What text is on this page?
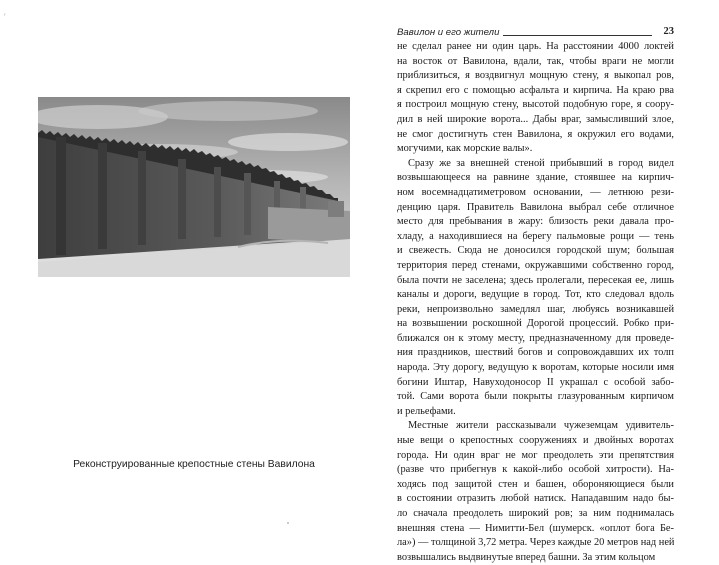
'
Реконструированные крепостные стены Вавилона
Вавилон и его жители	23
не сделал ранее ни один царь. На расстоянии 4000 локтей
на восток от Вавилона, вдали, так, чтобы враги не могли
приблизиться, я воздвигнул мощную стену, я выкопал ров,
я скрепил его с помощью асфальта и кирпича. На краю рва
я построил мощную стену, высотой подобную горе, я соору-
дил в ней широкие ворота... Дабы враг, замысливший злое,
не смог достигнуть стен Вавилона, я окружил его водами,
могучими, как морские валы».
Сразу же за внешней стеной прибывший в город видел
возвышающееся на равнине здание, стоявшее на кирпич-
ном восемнадцатиметровом основании, — летнюю рези-
денцию царя. Правитель Вавилона выбрал себе отличное
место для пребывания в жару: близость реки давала про-
хладу, а находившиеся на берегу пальмовые рощи — тень
и свежесть. Сюда не доносился городской шум; большая
территория перед стенами, окружавшими собственно город,
была почти не заселена; здесь пролегали, пересекая ее, лишь
каналы и дороги, ведущие в город. Тот, кто следовал вдоль
реки, непроизвольно замедлял шаг, любуясь возникавшей
на возвышении роскошной Дорогой процессий. Робко при-
ближался он к этому месту, предназначенному для проведе-
ния праздников, шествий богов и сопровождавших их толп
народа. Эту дорогу, ведущую к воротам, которые носили имя
богини Иштар, Навуходоносор II украшал с особой забо-
той. Сами ворота были покрыты глазурованным кирпичом
и рельефами.
Местные жители рассказывали чужеземцам удивитель-
ные вещи о крепостных сооружениях и двойных воротах
города. Ни один враг не мог преодолеть эти препятствия
(разве что прибегнув к какой-либо особой хитрости). На-
ходясь под защитой стен и башен, обороняющиеся были
в состоянии отразить любой натиск. Нападавшим надо бы-
ло сначала преодолеть широкий ров; за ним поднималась
внешняя стена — Нимитти-Бел (шумерск. «оплот бога Бе-
ла») — толщиной 3,72 метра. Через каждые 20 метров над ней
возвышались выдвинутые вперед башни. За этим кольцом
